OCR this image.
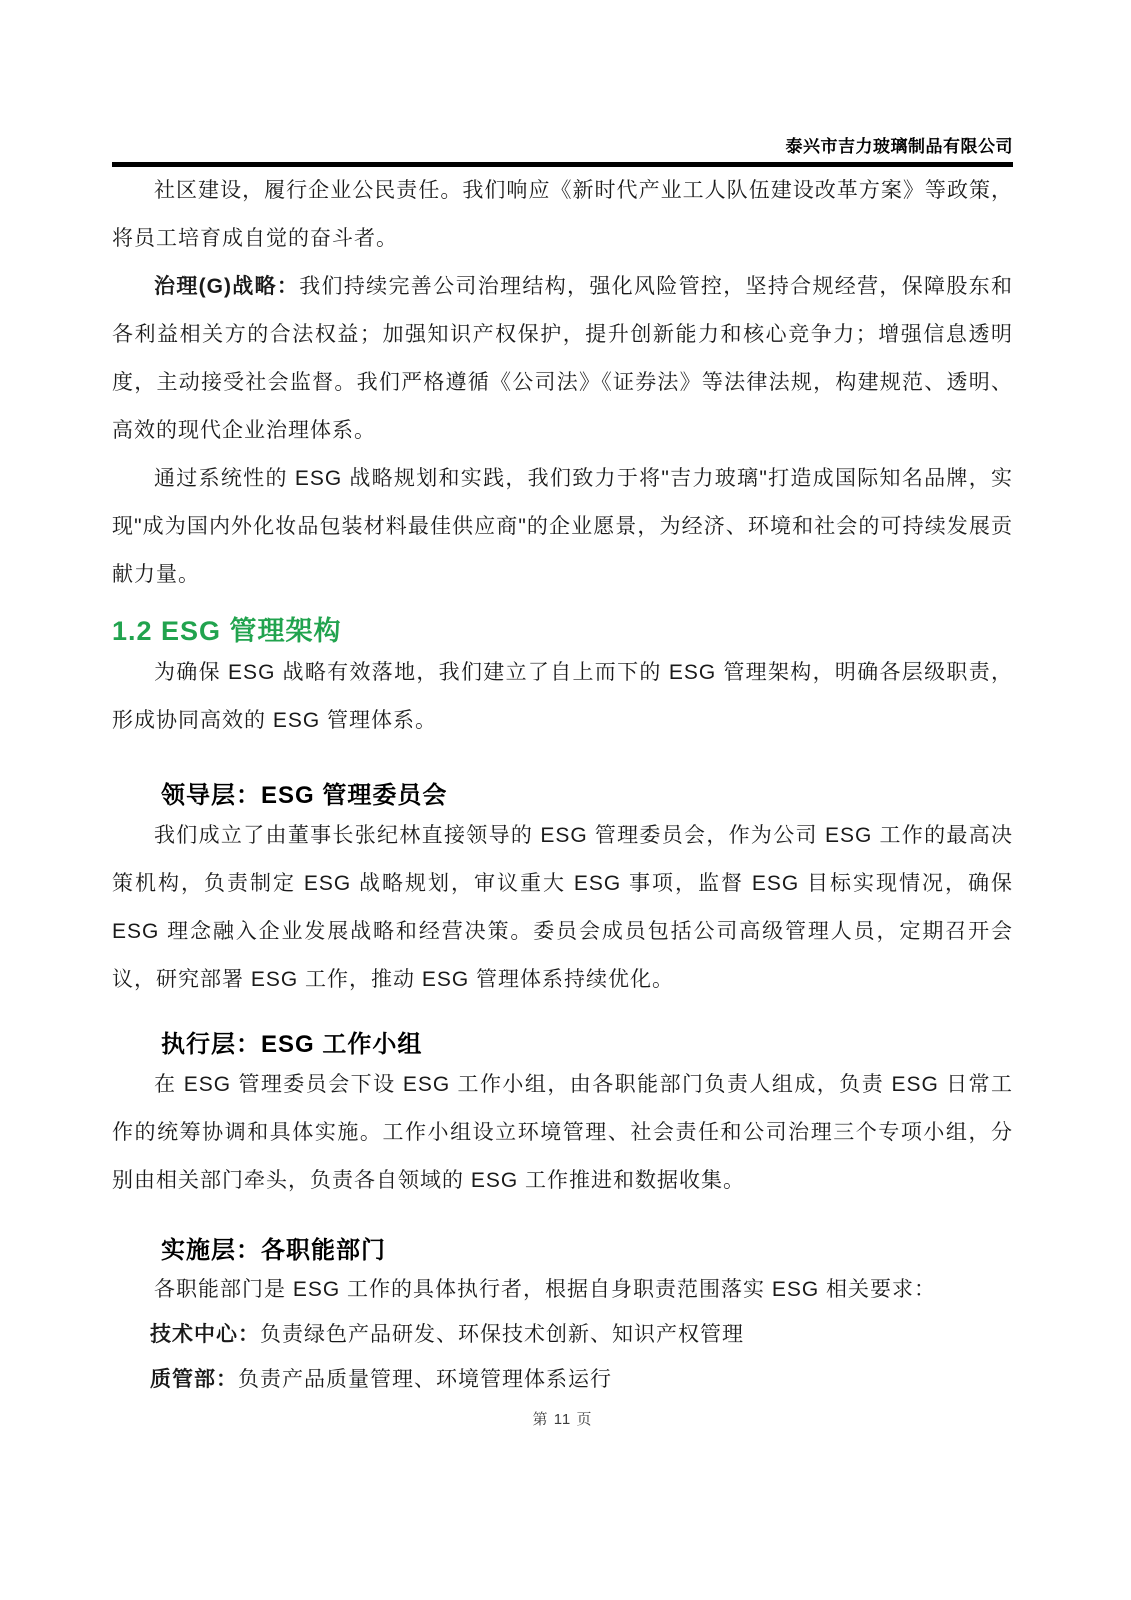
泰兴市吉力玻璃制品有限公司

社区建设，履行企业公民责任。我们响应《新时代产业工人队伍建设改革方案》等政策，将员工培育成自觉的奋斗者。

治理(G)战略：我们持续完善公司治理结构，强化风险管控，坚持合规经营，保障股东和各利益相关方的合法权益；加强知识产权保护，提升创新能力和核心竞争力；增强信息透明度，主动接受社会监督。我们严格遵循《公司法》《证券法》等法律法规，构建规范、透明、高效的现代企业治理体系。

通过系统性的 ESG 战略规划和实践，我们致力于将"吉力玻璃"打造成国际知名品牌，实现"成为国内外化妆品包装材料最佳供应商"的企业愿景，为经济、环境和社会的可持续发展贡献力量。

1.2 ESG 管理架构

为确保 ESG 战略有效落地，我们建立了自上而下的 ESG 管理架构，明确各层级职责，形成协同高效的 ESG 管理体系。

领导层：ESG 管理委员会

我们成立了由董事长张纪林直接领导的 ESG 管理委员会，作为公司 ESG 工作的最高决策机构，负责制定 ESG 战略规划，审议重大 ESG 事项，监督 ESG 目标实现情况，确保 ESG 理念融入企业发展战略和经营决策。委员会成员包括公司高级管理人员，定期召开会议，研究部署 ESG 工作，推动 ESG 管理体系持续优化。

执行层：ESG 工作小组

在 ESG 管理委员会下设 ESG 工作小组，由各职能部门负责人组成，负责 ESG 日常工作的统筹协调和具体实施。工作小组设立环境管理、社会责任和公司治理三个专项小组，分别由相关部门牵头，负责各自领域的 ESG 工作推进和数据收集。

实施层：各职能部门

各职能部门是 ESG 工作的具体执行者，根据自身职责范围落实 ESG 相关要求：

技术中心：负责绿色产品研发、环保技术创新、知识产权管理

质管部：负责产品质量管理、环境管理体系运行

第 11 页
